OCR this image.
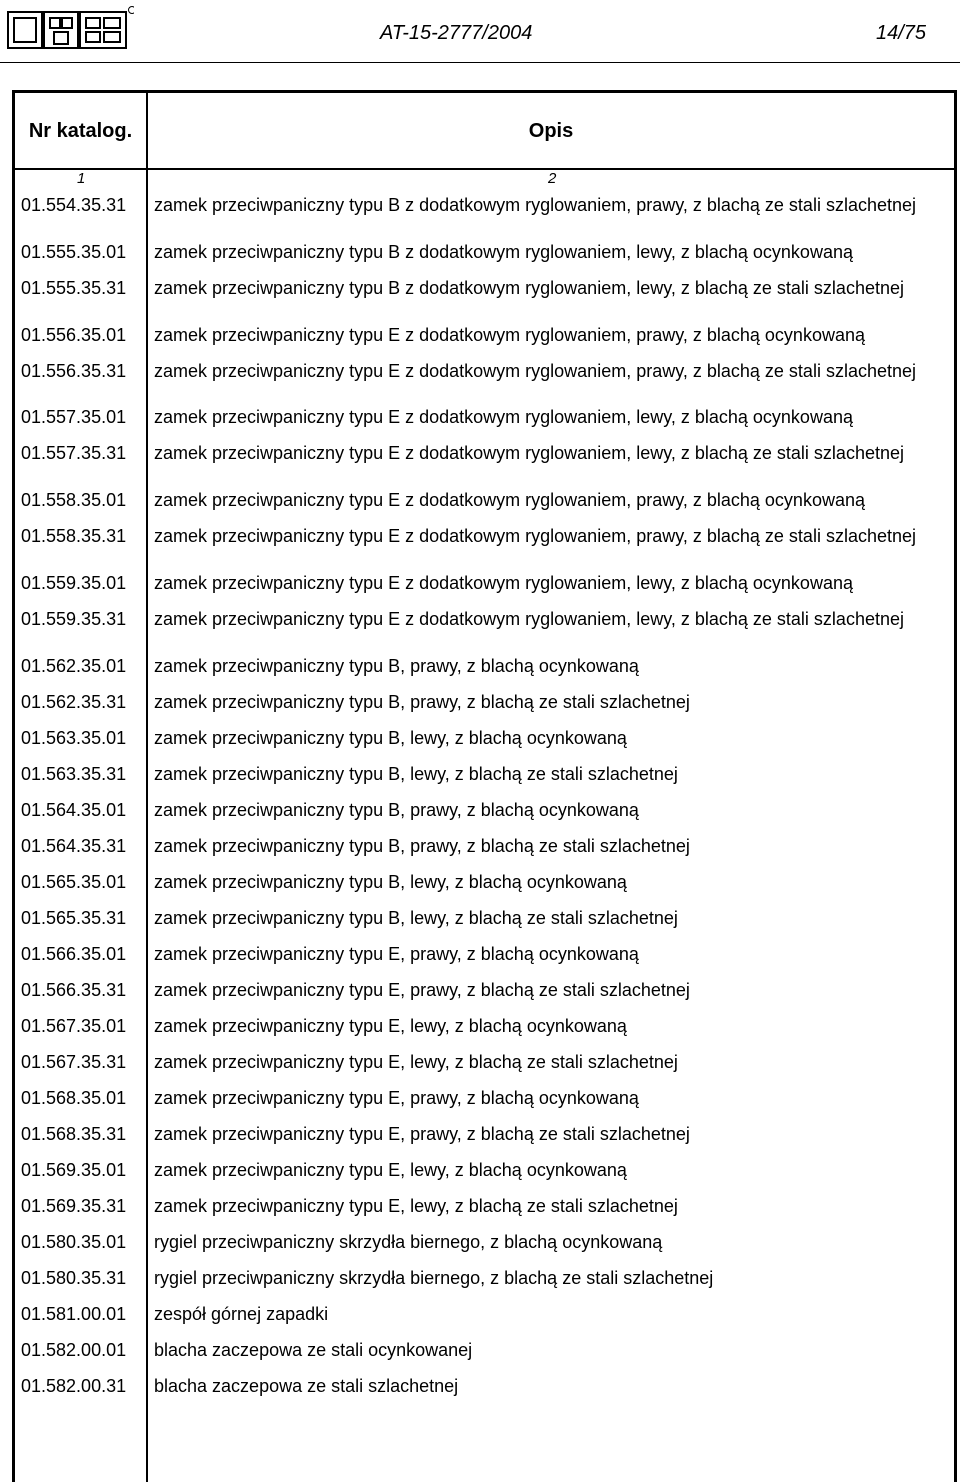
AT-15-2777/2004	14/75
Nr katalog.	Opis
1	2
01.554.35.31	zamek przeciwpaniczny typu B z dodatkowym ryglowaniem, prawy, z blachą ze stali szlachetnej
01.555.35.01	zamek przeciwpaniczny typu B z dodatkowym ryglowaniem, lewy, z blachą ocynkowaną
01.555.35.31	zamek przeciwpaniczny typu B z dodatkowym ryglowaniem, lewy, z blachą ze stali szlachetnej
01.556.35.01	zamek przeciwpaniczny typu E z dodatkowym ryglowaniem, prawy, z blachą ocynkowaną
01.556.35.31	zamek przeciwpaniczny typu E z dodatkowym ryglowaniem, prawy, z blachą ze stali szlachetnej
01.557.35.01	zamek przeciwpaniczny typu E z dodatkowym ryglowaniem, lewy, z blachą ocynkowaną
01.557.35.31	zamek przeciwpaniczny typu E z dodatkowym ryglowaniem, lewy, z blachą ze stali szlachetnej
01.558.35.01	zamek przeciwpaniczny typu E z dodatkowym ryglowaniem, prawy, z blachą ocynkowaną
01.558.35.31	zamek przeciwpaniczny typu E z dodatkowym ryglowaniem, prawy, z blachą ze stali szlachetnej
01.559.35.01	zamek przeciwpaniczny typu E z dodatkowym ryglowaniem, lewy, z blachą ocynkowaną
01.559.35.31	zamek przeciwpaniczny typu E z dodatkowym ryglowaniem, lewy, z blachą ze stali szlachetnej
01.562.35.01	zamek przeciwpaniczny typu B, prawy, z blachą ocynkowaną
01.562.35.31	zamek przeciwpaniczny typu B, prawy, z blachą ze stali szlachetnej
01.563.35.01	zamek przeciwpaniczny typu B, lewy, z blachą ocynkowaną
01.563.35.31	zamek przeciwpaniczny typu B, lewy, z blachą ze stali szlachetnej
01.564.35.01	zamek przeciwpaniczny typu B, prawy, z blachą ocynkowaną
01.564.35.31	zamek przeciwpaniczny typu B, prawy, z blachą ze stali szlachetnej
01.565.35.01	zamek przeciwpaniczny typu B, lewy, z blachą ocynkowaną
01.565.35.31	zamek przeciwpaniczny typu B, lewy, z blachą ze stali szlachetnej
01.566.35.01	zamek przeciwpaniczny typu E, prawy, z blachą ocynkowaną
01.566.35.31	zamek przeciwpaniczny typu E, prawy, z blachą ze stali szlachetnej
01.567.35.01	zamek przeciwpaniczny typu E, lewy, z blachą ocynkowaną
01.567.35.31	zamek przeciwpaniczny typu E, lewy, z blachą ze stali szlachetnej
01.568.35.01	zamek przeciwpaniczny typu E, prawy, z blachą ocynkowaną
01.568.35.31	zamek przeciwpaniczny typu E, prawy, z blachą ze stali szlachetnej
01.569.35.01	zamek przeciwpaniczny typu E, lewy, z blachą ocynkowaną
01.569.35.31	zamek przeciwpaniczny typu E, lewy, z blachą ze stali szlachetnej
01.580.35.01	rygiel przeciwpaniczny skrzydła biernego, z blachą ocynkowaną
01.580.35.31	rygiel przeciwpaniczny skrzydła biernego, z blachą ze stali szlachetnej
01.581.00.01	zespół górnej zapadki
01.582.00.01	blacha zaczepowa ze stali ocynkowanej
01.582.00.31	blacha zaczepowa ze stali szlachetnej
